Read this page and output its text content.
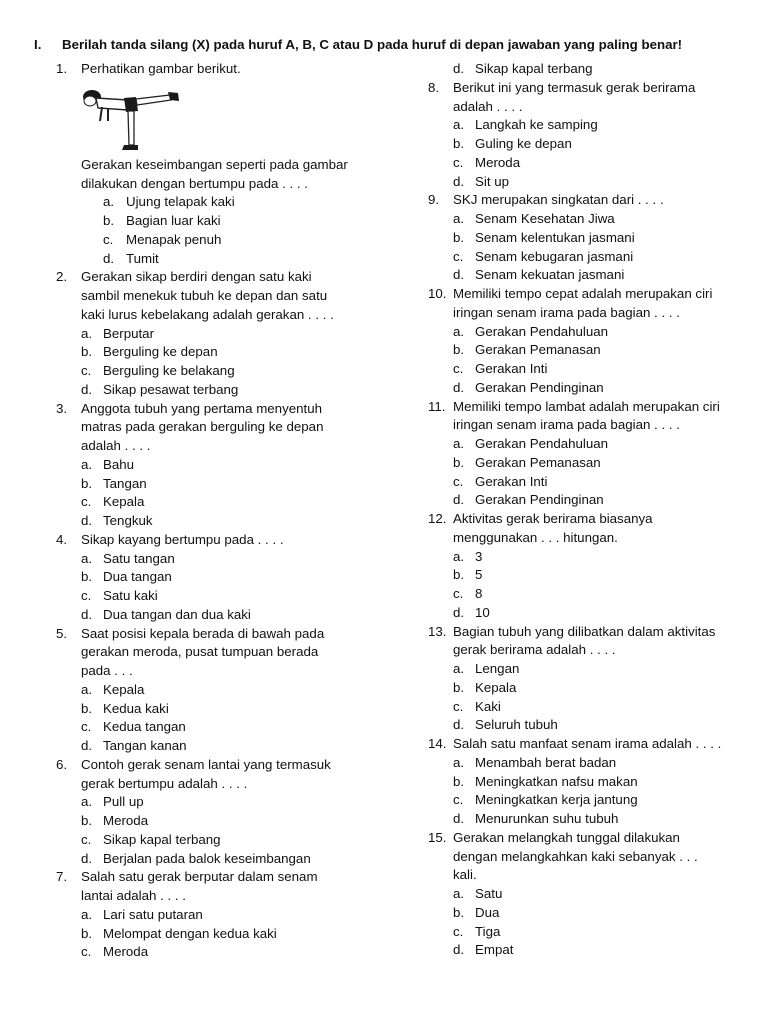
I. Berilah tanda silang (X) pada huruf A, B, C atau D pada huruf di depan jawaban yang paling benar!
1. Perhatikan gambar berikut.
Gerakan keseimbangan seperti pada gambar
dilakukan dengan bertumpu pada . . . .
a. Ujung telapak kaki
b. Bagian luar kaki
c. Menapak penuh
d. Tumit
2. Gerakan sikap berdiri dengan satu kaki
sambil menekuk tubuh ke depan dan satu
kaki lurus kebelakang adalah gerakan . . . .
a. Berputar
b. Berguling ke depan
c. Berguling ke belakang
d. Sikap pesawat terbang
3. Anggota tubuh yang pertama menyentuh
matras pada gerakan berguling ke depan
adalah . . . .
a. Bahu
b. Tangan
c. Kepala
d. Tengkuk
4. Sikap kayang bertumpu pada . . . .
a. Satu tangan
b. Dua tangan
c. Satu kaki
d. Dua tangan dan dua kaki
5. Saat posisi kepala berada di bawah pada
gerakan meroda, pusat tumpuan berada
pada . . .
a. Kepala
b. Kedua kaki
c. Kedua tangan
d. Tangan kanan
6. Contoh gerak senam lantai yang termasuk
gerak bertumpu adalah . . . .
a. Pull up
b. Meroda
c. Sikap kapal terbang
d. Berjalan pada balok keseimbangan
7. Salah satu gerak berputar dalam senam
lantai adalah . . . .
a. Lari satu putaran
b. Melompat dengan kedua kaki
c. Meroda
d. Sikap kapal terbang
8. Berikut ini yang termasuk gerak berirama
adalah . . . .
a. Langkah ke samping
b. Guling ke depan
c. Meroda
d. Sit up
9. SKJ merupakan singkatan dari . . . .
a. Senam Kesehatan Jiwa
b. Senam kelentukan jasmani
c. Senam kebugaran jasmani
d. Senam kekuatan jasmani
10. Memiliki tempo cepat adalah merupakan ciri
iringan senam irama pada bagian . . . .
a. Gerakan Pendahuluan
b. Gerakan Pemanasan
c. Gerakan Inti
d. Gerakan Pendinginan
11. Memiliki tempo lambat adalah merupakan ciri
iringan senam irama pada bagian . . . .
a. Gerakan Pendahuluan
b. Gerakan Pemanasan
c. Gerakan Inti
d. Gerakan Pendinginan
12. Aktivitas gerak berirama biasanya
menggunakan . . . hitungan.
a. 3
b. 5
c. 8
d. 10
13. Bagian tubuh yang dilibatkan dalam aktivitas
gerak berirama adalah . . . .
a. Lengan
b. Kepala
c. Kaki
d. Seluruh tubuh
14. Salah satu manfaat senam irama adalah . . . .
a. Menambah berat badan
b. Meningkatkan nafsu makan
c. Meningkatkan kerja jantung
d. Menurunkan suhu tubuh
15. Gerakan melangkah tunggal dilakukan
dengan melangkahkan kaki sebanyak . . .
kali.
a. Satu
b. Dua
c. Tiga
d. Empat
